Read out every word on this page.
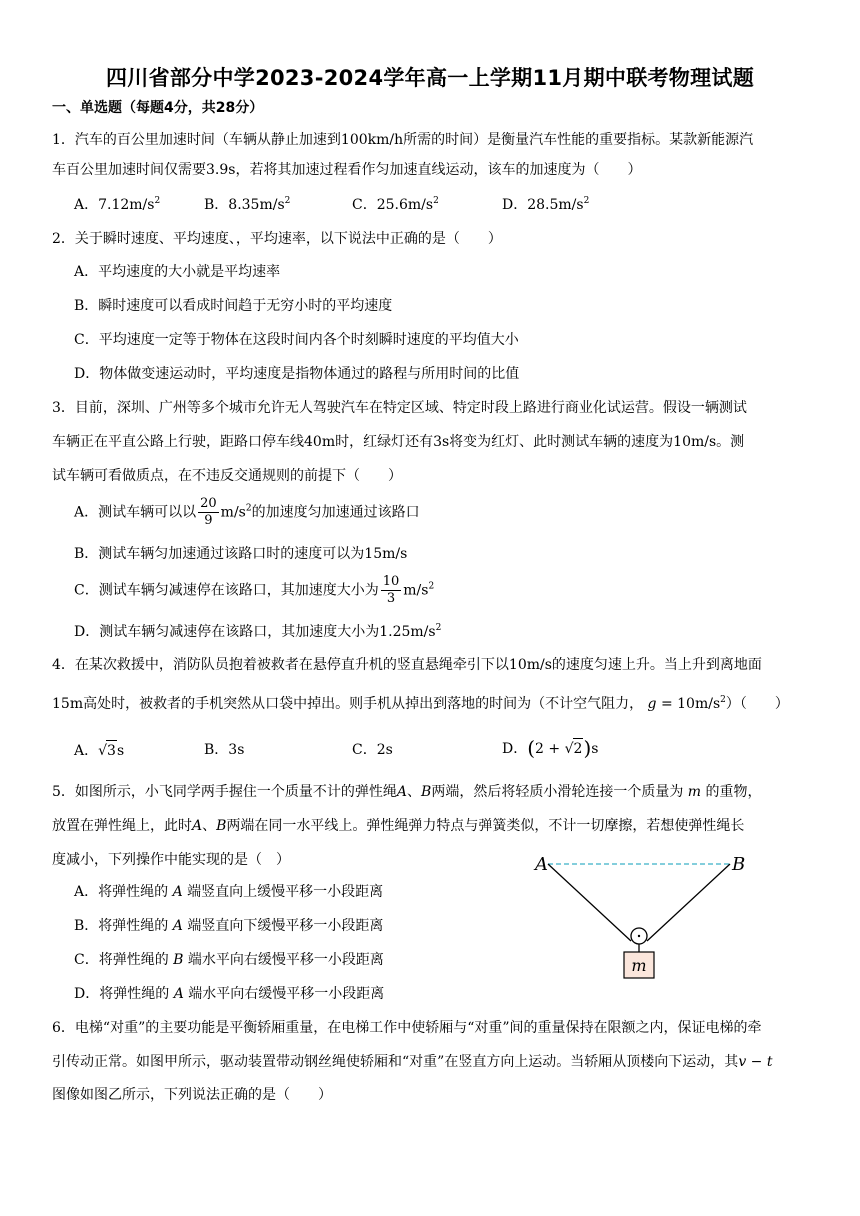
四川省部分中学2023-2024学年高一上学期11月期中联考物理试题
一、单选题（每题4分，共28分）
1．汽车的百公里加速时间（车辆从静止加速到100km/h所需的时间）是衡量汽车性能的重要指标。某款新能源汽
车百公里加速时间仅需要3.9s，若将其加速过程看作匀加速直线运动，该车的加速度为（　　）
A．$7.12m/s^2$	B．$8.35m/s^2$	C．$25.6m/s^2$	D．$28.5m/s^2$
2．关于瞬时速度、平均速度、，平均速率，以下说法中正确的是（　　）
A．平均速度的大小就是平均速率
B．瞬时速度可以看成时间趋于无穷小时的平均速度
C．平均速度一定等于物体在这段时间内各个时刻瞬时速度的平均值大小
D．物体做变速运动时，平均速度是指物体通过的路程与所用时间的比值
3．目前，深圳、广州等多个城市允许无人驾驶汽车在特定区域、特定时段上路进行商业化试运营。假设一辆测试
车辆正在平直公路上行驶，距路口停车线40m时，红绿灯还有3s将变为红灯、此时测试车辆的速度为10m/s。测
试车辆可看做质点，在不违反交通规则的前提下（　　）
A．测试车辆可以以 $\frac{20}{9} m/s^2$的加速度匀加速通过该路口
B．测试车辆匀加速通过该路口时的速度可以为15m/s
C．测试车辆匀减速停在该路口，其加速度大小为 $\frac{10}{3} m/s^2$
D．测试车辆匀减速停在该路口，其加速度大小为$1.25m/s^2$
4．在某次救援中，消防队员抱着被救者在悬停直升机的竖直悬绳牵引下以10m/s的速度匀速上升。当上升到离地面
15m高处时，被救者的手机突然从口袋中掉出。则手机从掉出到落地的时间为（不计空气阻力， $g = 10m/s^2$）（　　）
A．√3s	B．3s	C．2s	D．(2 + √2)s
5．如图所示，小飞同学两手握住一个质量不计的弹性绳A、B两端，然后将轻质小滑轮连接一个质量为 m 的重物，
放置在弹性绳上，此时A、B两端在同一水平线上。弹性绳弹力特点与弹簧类似，不计一切摩擦，若想使弹性绳长
度减小，下列操作中能实现的是（　）
A．将弹性绳的 A 端竖直向上缓慢平移一小段距离
B．将弹性绳的 A 端竖直向下缓慢平移一小段距离
C．将弹性绳的 B 端水平向右缓慢平移一小段距离
D．将弹性绳的 A 端水平向右缓慢平移一小段距离
A	B
m
6．电梯“对重”的主要功能是平衡轿厢重量，在电梯工作中使轿厢与“对重”间的重量保持在限额之内，保证电梯的牵
引传动正常。如图甲所示，驱动装置带动钢丝绳使轿厢和“对重”在竖直方向上运动。当轿厢从顶楼向下运动，其v − t
图像如图乙所示，下列说法正确的是（　　）
